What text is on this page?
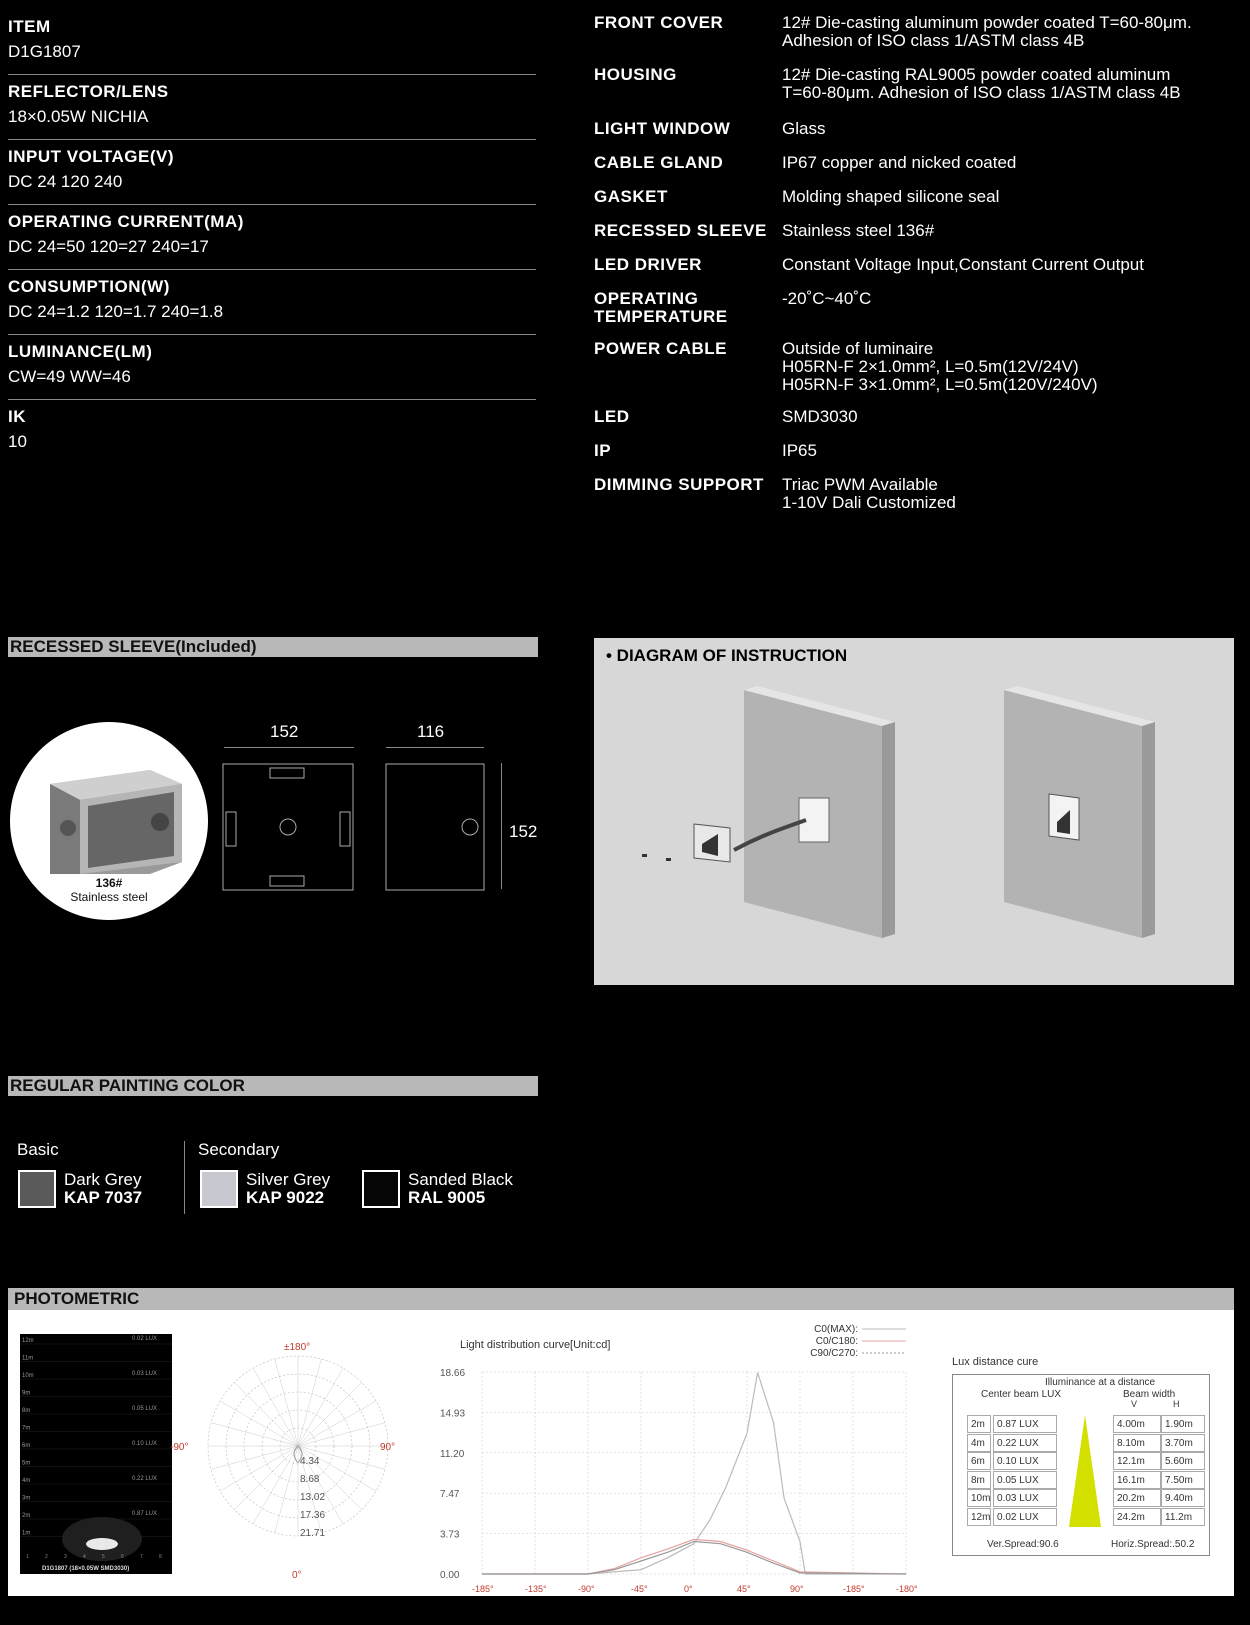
ITEM
D1G1807
REFLECTOR/LENS
18×0.05W NICHIA
INPUT VOLTAGE(V)
DC 24 120 240
OPERATING CURRENT(MA)
DC 24=50 120=27 240=17
CONSUMPTION(W)
DC 24=1.2 120=1.7 240=1.8
LUMINANCE(LM)
CW=49 WW=46
IK
10
FRONT COVER	12# Die-casting aluminum powder coated T=60-80μm.
Adhesion of ISO class 1/ASTM class 4B
HOUSING	12# Die-casting RAL9005 powder coated aluminum
T=60-80μm. Adhesion of ISO class 1/ASTM class 4B
LIGHT WINDOW	Glass
CABLE GLAND	IP67 copper and nicked coated
GASKET	Molding shaped silicone seal
RECESSED SLEEVE Stainless steel 136#
LED DRIVER	Constant Voltage Input,Constant Current Output
OPERATING
TEMPERATURE
-20˚C~40˚C
POWER CABLE	Outside of luminaire
H05RN-F 2×1.0mm², L=0.5m(12V/24V)
H05RN-F 3×1.0mm², L=0.5m(120V/240V)
LED	SMD3030
IP	IP65
DIMMING SUPPORT	Triac PWM Available
1-10V Dali Customized
RECESSED SLEEVE(Included)
136#
Stainless steel
152	116
152
• DIAGRAM OF INSTRUCTION
REGULAR PAINTING COLOR
Basic	Secondary
Dark Grey
KAP 7037
Silver Grey
KAP 9022
Sanded Black
RAL 9005
PHOTOMETRIC
12m
11m
10m
9m
8m
7m
6m
5m
4m
3m
2m
1m
0.02 LUX
0.03 LUX
0.05 LUX
0.10 LUX
0.22 LUX
0.87 LUX
1	2	3	4	5	6	7	8
D1G1807 (18×0.05W SMD3030)
±180°
-90°	90°
0°
4.34
8.68
13.02
17.36
21.71
Light distribution curve[Unit:cd]
C0(MAX):
C0/C180:
C90/C270:
18.66
14.93
11.20
7.47
3.73
0.00
-185°	-135°	-90°	-45°	0°	45°	90°	-185°	-180°
Lux distance cure
Illuminance at a distance
Center beam LUX	Beam width
V	H
2m	0.87 LUX	4.00m	1.90m
4m	0.22 LUX	8.10m	3.70m
6m	0.10 LUX	12.1m	5.60m
8m	0.05 LUX	16.1m	7.50m
10m 0.03 LUX	20.2m	9.40m
12m 0.02 LUX	24.2m	11.2m
Ver.Spread:90.6	Horiz.Spread:.50.2
